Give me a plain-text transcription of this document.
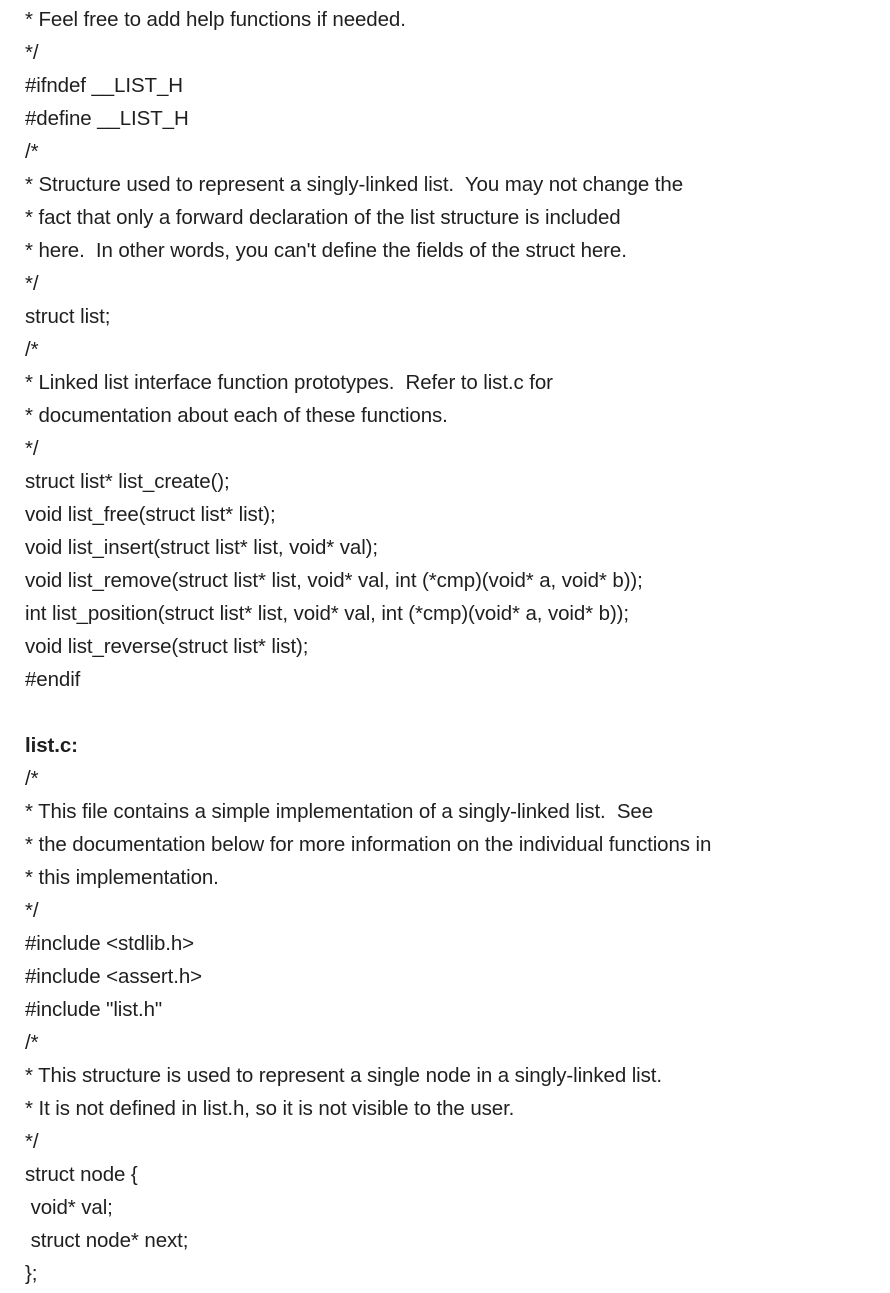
* Feel free to add help functions if needed.
*/
#ifndef __LIST_H
#define __LIST_H
/*
* Structure used to represent a singly-linked list.  You may not change the
* fact that only a forward declaration of the list structure is included
* here.  In other words, you can't define the fields of the struct here.
*/
struct list;
/*
* Linked list interface function prototypes.  Refer to list.c for
* documentation about each of these functions.
*/
struct list* list_create();
void list_free(struct list* list);
void list_insert(struct list* list, void* val);
void list_remove(struct list* list, void* val, int (*cmp)(void* a, void* b));
int list_position(struct list* list, void* val, int (*cmp)(void* a, void* b));
void list_reverse(struct list* list);
#endif
list.c:
/*
* This file contains a simple implementation of a singly-linked list.  See
* the documentation below for more information on the individual functions in
* this implementation.
*/
#include <stdlib.h>
#include <assert.h>
#include "list.h"
/*
* This structure is used to represent a single node in a singly-linked list.
* It is not defined in list.h, so it is not visible to the user.
*/
struct node {
void* val;
struct node* next;
};
